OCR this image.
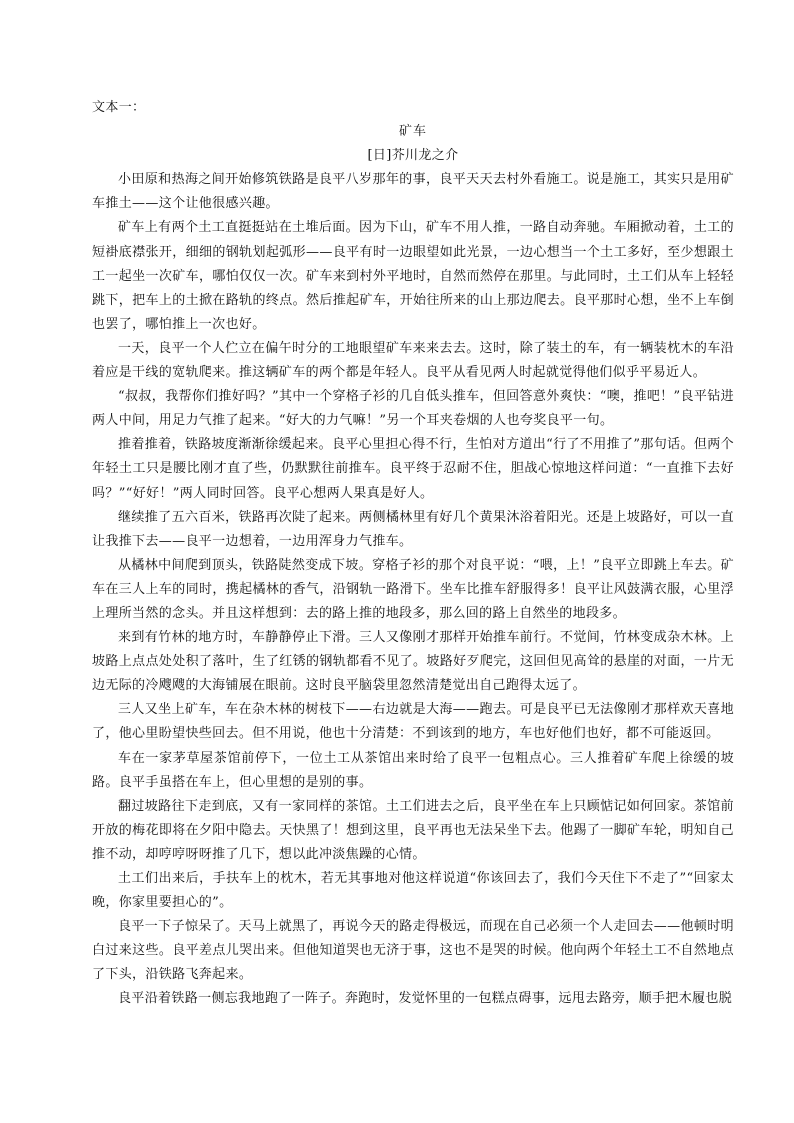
文本一：

矿车

[日]芥川龙之介

小田原和热海之间开始修筑铁路是良平八岁那年的事，良平天天去村外看施工。说是施工，其实只是用矿车推土——这个让他很感兴趣。

矿车上有两个土工直挺挺站在土堆后面。因为下山，矿车不用人推，一路自动奔驰。车厢掀动着，土工的短褂底襟张开，细细的钢轨划起弧形——良平有时一边眼望如此光景，一边心想当一个土工多好，至少想跟土工一起坐一次矿车，哪怕仅仅一次。矿车来到村外平地时，自然而然停在那里。与此同时，土工们从车上轻轻跳下，把车上的土掀在路轨的终点。然后推起矿车，开始往所来的山上那边爬去。良平那时心想，坐不上车倒也罢了，哪怕推上一次也好。

一天，良平一个人伫立在偏午时分的工地眼望矿车来来去去。这时，除了装土的车，有一辆装枕木的车沿着应是干线的宽轨爬来。推这辆矿车的两个都是年轻人。良平从看见两人时起就觉得他们似乎平易近人。

“叔叔，我帮你们推好吗？”其中一个穿格子衫的几自低头推车，但回答意外爽快：“噢，推吧！”良平钻进两人中间，用足力气推了起来。“好大的力气嘛！”另一个耳夹卷烟的人也夸奖良平一句。

推着推着，铁路坡度渐渐徐缓起来。良平心里担心得不行，生怕对方道出“行了不用推了”那句话。但两个年轻土工只是腰比刚才直了些，仍默默往前推车。良平终于忍耐不住，胆战心惊地这样问道：“一直推下去好吗？”“好好！”两人同时回答。良平心想两人果真是好人。

继续推了五六百米，铁路再次陡了起来。两侧橘林里有好几个黄果沐浴着阳光。还是上坡路好，可以一直让我推下去——良平一边想着，一边用浑身力气推车。

从橘林中间爬到顶头，铁路陡然变成下坡。穿格子衫的那个对良平说：“喂，上！”良平立即跳上车去。矿车在三人上车的同时，携起橘林的香气，沿钢轨一路滑下。坐车比推车舒服得多！良平让风鼓满衣服，心里浮上理所当然的念头。并且这样想到：去的路上推的地段多，那么回的路上自然坐的地段多。

来到有竹林的地方时，车静静停止下滑。三人又像刚才那样开始推车前行。不觉间，竹林变成杂木林。上坡路上点点处处积了落叶，生了红锈的钢轨都看不见了。坡路好歹爬完，这回但见高耸的悬崖的对面，一片无边无际的冷飕飕的大海铺展在眼前。这时良平脑袋里忽然清楚觉出自己跑得太远了。

三人又坐上矿车，车在杂木林的树枝下——右边就是大海——跑去。可是良平已无法像刚才那样欢天喜地了，他心里盼望快些回去。但不用说，他也十分清楚：不到该到的地方，车也好他们也好，都不可能返回。

车在一家茅草屋茶馆前停下，一位土工从茶馆出来时给了良平一包粗点心。三人推着矿车爬上徐缓的坡路。良平手虽搭在车上，但心里想的是别的事。

翻过坡路往下走到底，又有一家同样的茶馆。土工们进去之后，良平坐在车上只顾惦记如何回家。茶馆前开放的梅花即将在夕阳中隐去。天快黑了！想到这里，良平再也无法呆坐下去。他踢了一脚矿车轮，明知自己推不动，却哼哼呀呀推了几下，想以此冲淡焦躁的心情。

土工们出来后，手扶车上的枕木，若无其事地对他这样说道“你该回去了，我们今天住下不走了”“回家太晚，你家里要担心的”。

良平一下子惊呆了。天马上就黑了，再说今天的路走得极远，而现在自己必须一个人走回去——他顿时明白过来这些。良平差点儿哭出来。但他知道哭也无济于事，这也不是哭的时候。他向两个年轻土工不自然地点了下头，沿铁路飞奔起来。

良平沿着铁路一侧忘我地跑了一阵子。奔跑时，发觉怀里的一包糕点碍事，远甩去路旁，顺手把木履也脱
